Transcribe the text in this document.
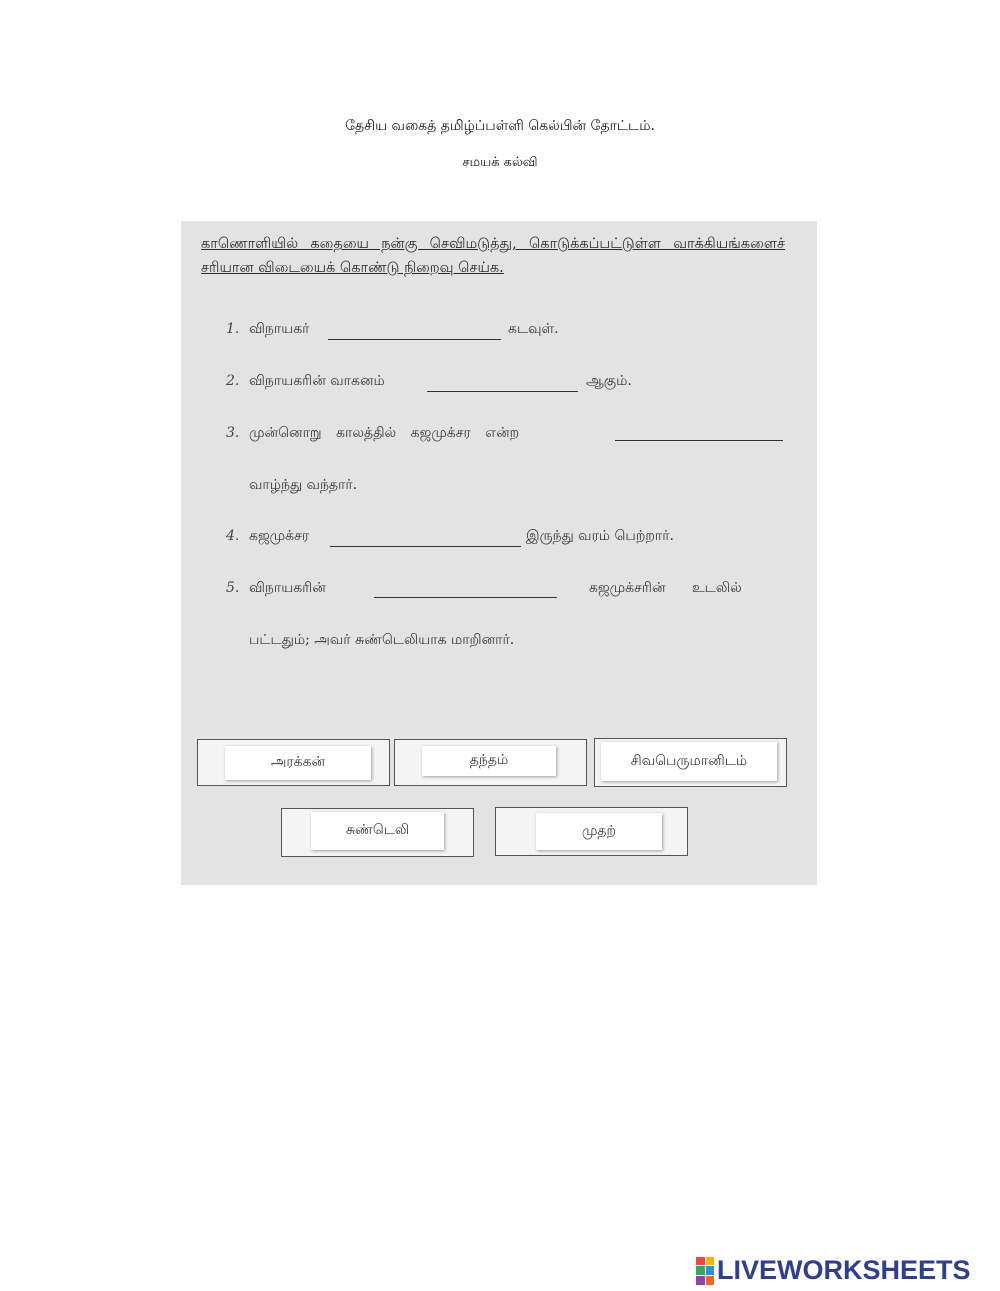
தேசிய வகைத் தமிழ்ப்பள்ளி கெல்பின் தோட்டம்.
சமயக் கல்வி
காணொளியில் கதையை நன்கு செவிமடுத்து, கொடுக்கப்பட்டுள்ள வாக்கியங்களைச் சரியான விடையைக் கொண்டு நிறைவு செய்க.
1. விநாயகர்	கடவுள்.
2. விநாயகரின் வாகனம்	ஆகும்.
3. முன்னொறு காலத்தில் கஜமுக்சர என்ற
வாழ்ந்து வந்தார்.
4. கஜமுக்சர	இருந்து வரம் பெற்றார்.
5. விநாயகரின்	கஜமுக்சரின் உடலில்
பட்டதும்; அவர் சுண்டெலியாக மாறினார்.
அரக்கன்	தந்தம்	சிவபெருமானிடம்
சுண்டெலி	முதற்
LIVEWORKSHEETS
